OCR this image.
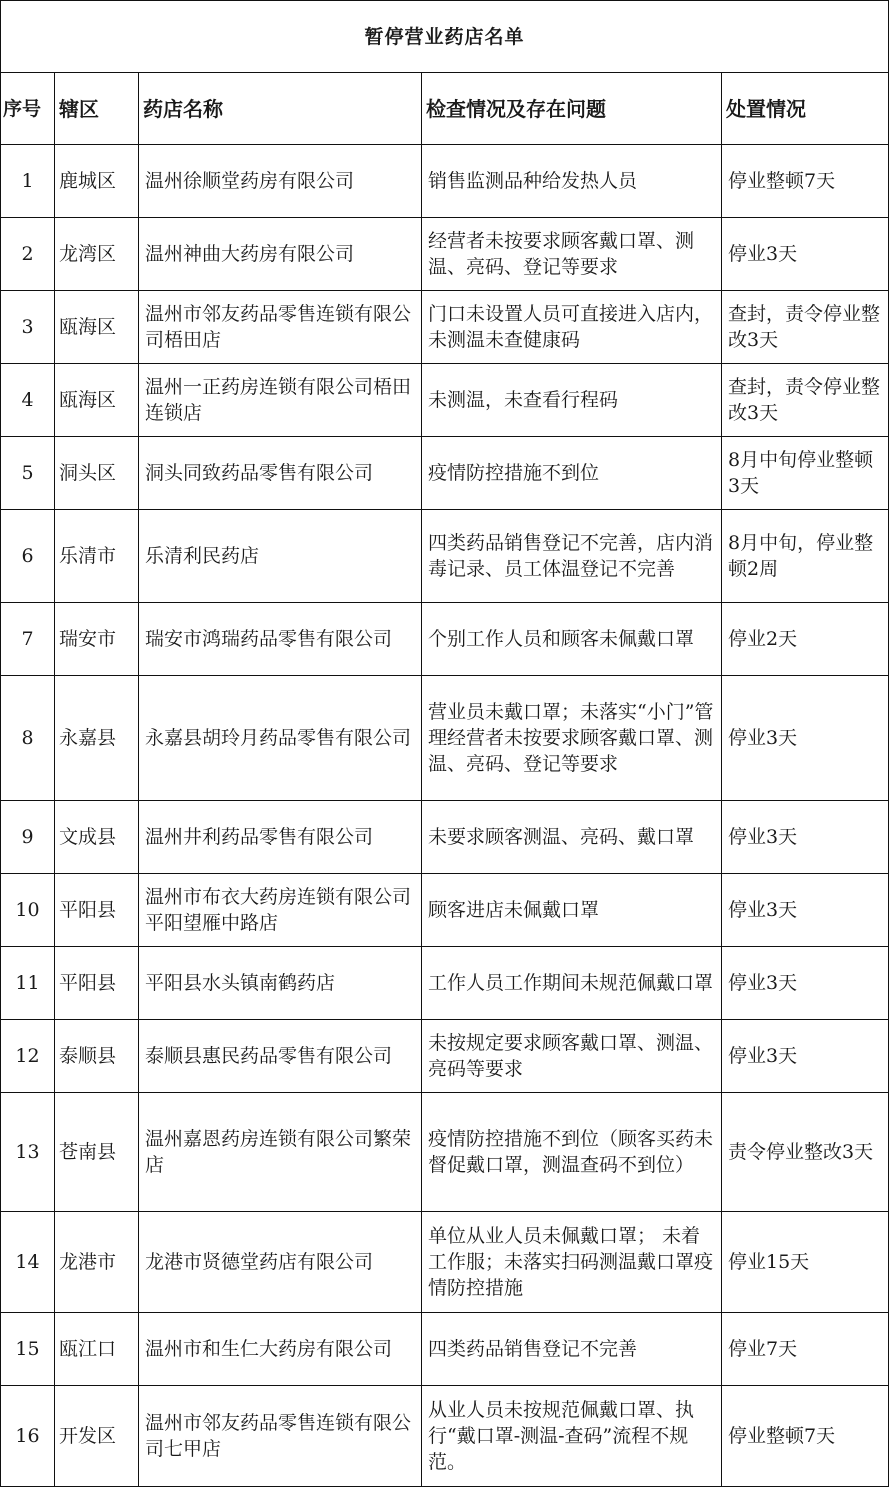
暂停营业药店名单				
序号	辖区	药店名称	检查情况及存在问题	处置情况
1	鹿城区	温州徐顺堂药房有限公司	销售监测品种给发热人员	停业整顿7天
2	龙湾区	温州神曲大药房有限公司	经营者未按要求顾客戴口罩、测温、亮码、登记等要求	停业3天
3	瓯海区	温州市邻友药品零售连锁有限公司梧田店	门口未设置人员可直接进入店内，未测温未查健康码	查封，责令停业整改3天
4	瓯海区	温州一正药房连锁有限公司梧田连锁店	未测温，未查看行程码	查封，责令停业整改3天
5	洞头区	洞头同致药品零售有限公司	疫情防控措施不到位	8月中旬停业整顿3天
6	乐清市	乐清利民药店	四类药品销售登记不完善，店内消毒记录、员工体温登记不完善	8月中旬，停业整顿2周
7	瑞安市	瑞安市鸿瑞药品零售有限公司	个别工作人员和顾客未佩戴口罩	停业2天
8	永嘉县	永嘉县胡玲月药品零售有限公司	营业员未戴口罩；未落实“小门”管理经营者未按要求顾客戴口罩、测温、亮码、登记等要求	停业3天
9	文成县	温州井利药品零售有限公司	未要求顾客测温、亮码、戴口罩	停业3天
10	平阳县	温州市布衣大药房连锁有限公司平阳望雁中路店	顾客进店未佩戴口罩	停业3天
11	平阳县	平阳县水头镇南鹤药店	工作人员工作期间未规范佩戴口罩	停业3天
12	泰顺县	泰顺县惠民药品零售有限公司	未按规定要求顾客戴口罩、测温、亮码等要求	停业3天
13	苍南县	温州嘉恩药房连锁有限公司繁荣店	疫情防控措施不到位（顾客买药未督促戴口罩，测温查码不到位）	责令停业整改3天
14	龙港市	龙港市贤德堂药店有限公司	单位从业人员未佩戴口罩； 未着工作服；未落实扫码测温戴口罩疫情防控措施	停业15天
15	瓯江口	温州市和生仁大药房有限公司	四类药品销售登记不完善	停业7天
16	开发区	温州市邻友药品零售连锁有限公司七甲店	从业人员未按规范佩戴口罩、执行“戴口罩-测温-查码”流程不规范。	停业整顿7天
